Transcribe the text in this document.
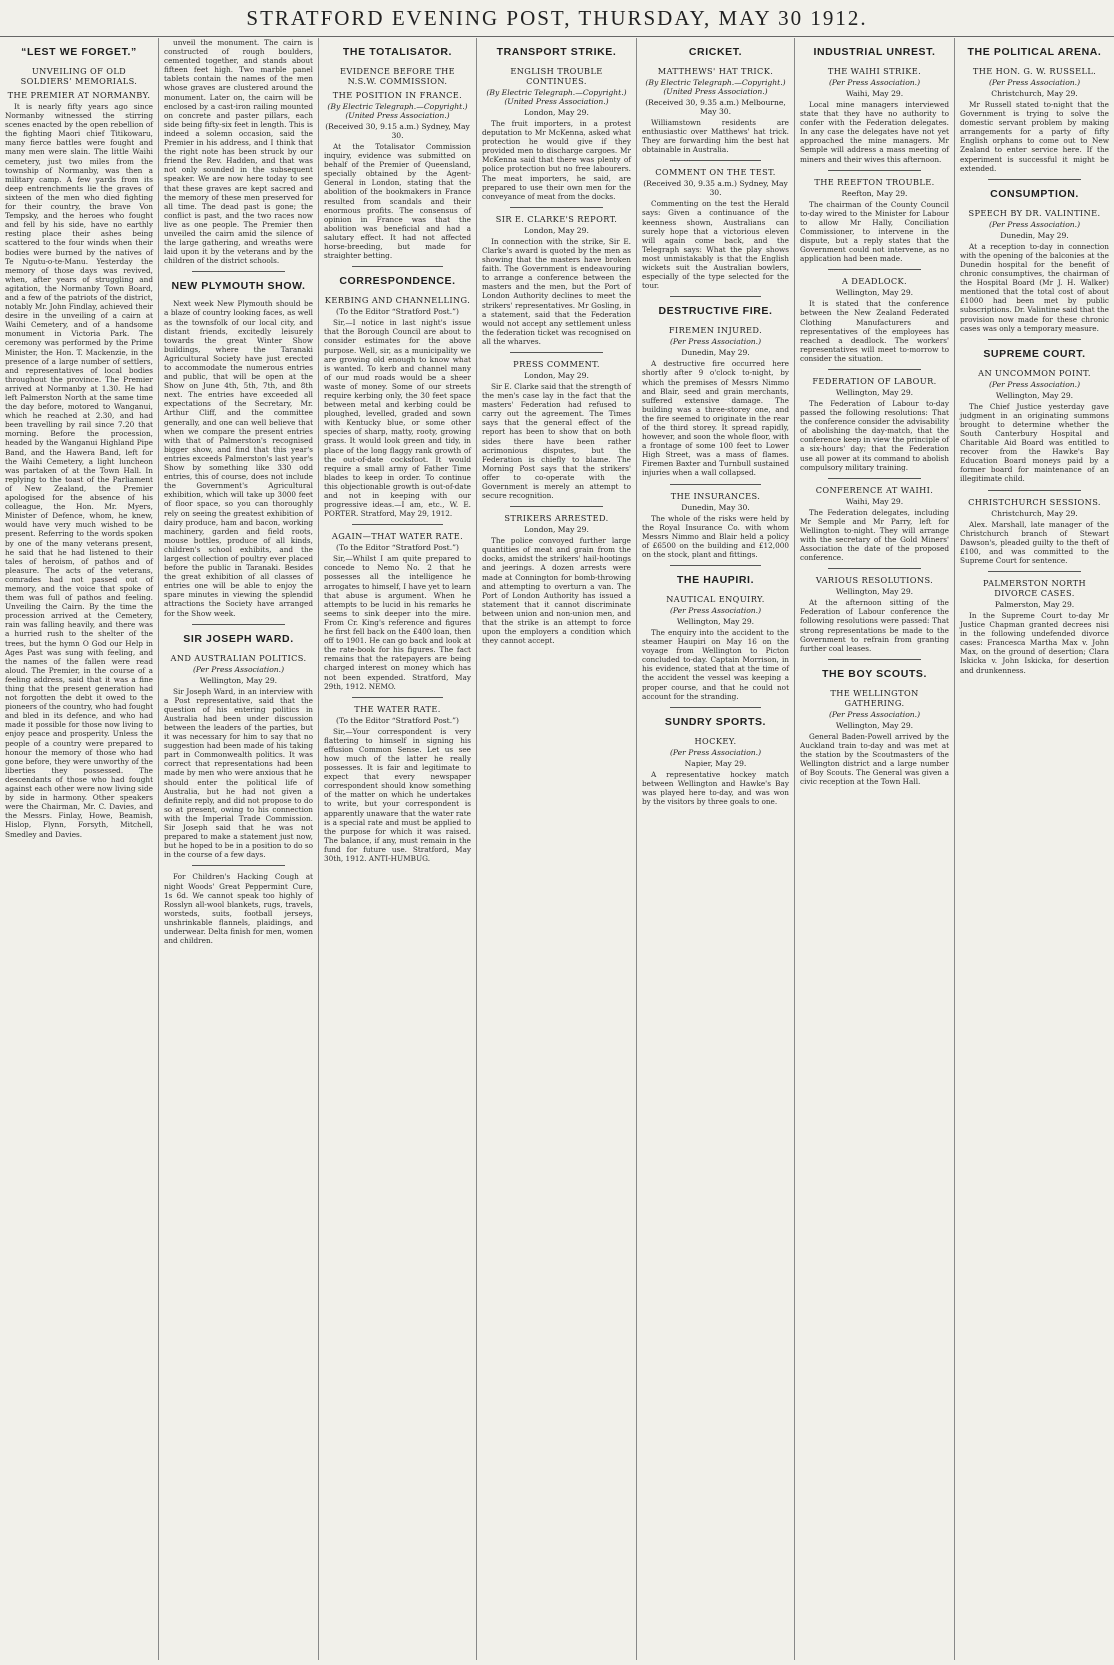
STRATFORD EVENING POST, THURSDAY, MAY 30 1912.
“LEST WE FORGET.”
UNVEILING OF OLD SOLDIERS’ MEMORIALS.
THE PREMIER AT NORMANBY.

It is nearly fifty years ago since Normanby witnessed the stirring scenes enacted by the open rebellion of the fighting Maori chief Titikowaru, many fierce battles were fought and many men were slain. The little Waihi cemetery, just two miles from the township of Normanby, was then a military camp. A few yards from its deep entrenchments lie the graves of sixteen of the men who died fighting for their country, the brave Von Tempsky, and the heroes who fought and fell by his side, have no earthly resting place their ashes being scattered to the four winds when their bodies were burned by the natives of Te Ngutu-o-te-Manu. Yesterday the memory of those days was revived, when, after years of struggling and agitation, the Normanby Town Board, and a few of the patriots of the district, notably Mr. John Findlay, achieved their desire in the unveiling of a cairn at Waihi Cemetery, and of a handsome monument in Victoria Park. The ceremony was performed by the Prime Minister, the Hon. T. Mackenzie, in the presence of a large number of settlers, and representatives of local bodies throughout the province. The Premier arrived at Normanby at 1.30. He had left Palmerston North at the same time the day before, motored to Wanganui, which he reached at 2.30, and had been travelling by rail since 7.20 that morning. Before the procession, headed by the Wanganui Highland Pipe Band, and the Hawera Band, left for the Waihi Cemetery, a light luncheon was partaken of at the Town Hall. In replying to the toast of the Parliament of New Zealand, the Premier apologised for the absence of his colleague, the Hon. Mr. Myers, Minister of Defence, whom, he knew, would have very much wished to be present. Referring to the words spoken by one of the many veterans present, he said that he had listened to their tales of heroism, of pathos and of pleasure. The acts of the veterans, comrades had not passed out of memory, and the voice that spoke of them was full of pathos and feeling. Unveiling the Cairn. By the time the procession arrived at the Cemetery, rain was falling heavily, and there was a hurried rush to the shelter of the trees, but the hymn O God our Help in Ages Past was sung with feeling, and the names of the fallen were read aloud. The Premier, in the course of a feeling address, said that it was a fine thing that the present generation had not forgotten the debt it owed to the pioneers of the country, who had fought and bled in its defence, and who had made it possible for those now living to enjoy peace and prosperity. Unless the people of a country were prepared to honour the memory of those who had gone before, they were unworthy of the liberties they possessed. The descendants of those who had fought against each other were now living side by side in harmony. Other speakers were the Chairman, Mr. C. Davies, and the Messrs. Finlay, Howe, Beamish, Hislop, Flynn, Forsyth, Mitchell, Smedley and Davies.

unveil the monument. The cairn is constructed of rough boulders, cemented together, and stands about fifteen feet high. Two marble panel tablets contain the names of the men whose graves are clustered around the monument. Later on, the cairn will be enclosed by a cast-iron railing mounted on concrete and paster pillars, each side being fifty-six feet in length. This is indeed a solemn occasion, said the Premier in his address, and I think that the right note has been struck by our friend the Rev. Hadden, and that was not only sounded in the subsequent speaker. We are now here today to see that these graves are kept sacred and the memory of these men preserved for all time. The dead past is gone; the conflict is past, and the two races now live as one people. The Premier then unveiled the cairn amid the silence of the large gathering, and wreaths were laid upon it by the veterans and by the children of the district schools.

NEW PLYMOUTH SHOW.

Next week New Plymouth should be a blaze of country looking faces, as well as the townsfolk of our local city, and distant friends, excitedly leisurely towards the great Winter Show buildings, where the Taranaki Agricultural Society have just erected to accommodate the numerous entries and public, that will be open at the Show on June 4th, 5th, 7th, and 8th next. The entries have exceeded all expectations of the Secretary, Mr. Arthur Cliff, and the committee generally, and one can well believe that when we compare the present entries with that of Palmerston's recognised bigger show, and find that this year's entries exceeds Palmerston's last year's Show by something like 330 odd entries, this of course, does not include the Government's Agricultural exhibition, which will take up 3000 feet of floor space, so you can thoroughly rely on seeing the greatest exhibition of dairy produce, ham and bacon, working machinery, garden and field roots, mouse bottles, produce of all kinds, children's school exhibits, and the largest collection of poultry ever placed before the public in Taranaki. Besides the great exhibition of all classes of entries one will be able to enjoy the spare minutes in viewing the splendid attractions the Society have arranged for the Show week.

SIR JOSEPH WARD.
AND AUSTRALIAN POLITICS.
(Per Press Association.)
Wellington, May 29.

Sir Joseph Ward, in an interview with a Post representative, said that the question of his entering politics in Australia had been under discussion between the leaders of the parties, but it was necessary for him to say that no suggestion had been made of his taking part in Commonwealth politics. It was correct that representations had been made by men who were anxious that he should enter the political life of Australia, but he had not given a definite reply, and did not propose to do so at present, owing to his connection with the Imperial Trade Commission. Sir Joseph said that he was not prepared to make a statement just now, but he hoped to be in a position to do so in the course of a few days.

For Children's Hacking Cough at night Woods' Great Peppermint Cure, 1s 6d. We cannot speak too highly of Rosslyn all-wool blankets, rugs, travels, worsteds, suits, football jerseys, unshrinkable flannels, plaidings, and underwear. Delta finish for men, women and children.

THE TOTALISATOR.
EVIDENCE BEFORE THE N.S.W. COMMISSION.
THE POSITION IN FRANCE.
(By Electric Telegraph.—Copyright.) (United Press Association.)
(Received 30, 9.15 a.m.) Sydney, May 30.

At the Totalisator Commission inquiry, evidence was submitted on behalf of the Premier of Queensland, specially obtained by the Agent-General in London, stating that the abolition of the bookmakers in France resulted from scandals and their enormous profits. The consensus of opinion in France was that the abolition was beneficial and had a salutary effect. It had not affected horse-breeding, but made for straighter betting.

CORRESPONDENCE.
KERBING AND CHANNELLING.
(To the Editor “Stratford Post.”)

Sir,—I notice in last night's issue that the Borough Council are about to consider estimates for the above purpose. Well, sir, as a municipality we are growing old enough to know what is wanted. To kerb and channel many of our mud roads would be a sheer waste of money. Some of our streets require kerbing only, the 30 feet space between metal and kerbing could be ploughed, levelled, graded and sown with Kentucky blue, or some other species of sharp, matty, rooty, growing grass. It would look green and tidy, in place of the long flaggy rank growth of the out-of-date cocksfoot. It would require a small army of Father Time blades to keep in order. To continue this objectionable growth is out-of-date and not in keeping with our progressive ideas.—I am, etc., W. E. PORTER. Stratford, May 29, 1912.

AGAIN—THAT WATER RATE.
(To the Editor “Stratford Post.”)

Sir,—Whilst I am quite prepared to concede to Nemo No. 2 that he possesses all the intelligence he arrogates to himself, I have yet to learn that abuse is argument. When he attempts to be lucid in his remarks he seems to sink deeper into the mire. From Cr. King's reference and figures he first fell back on the £400 loan, then off to 1901. He can go back and look at the rate-book for his figures. The fact remains that the ratepayers are being charged interest on money which has not been expended. Stratford, May 29th, 1912. NEMO.

THE WATER RATE.
(To the Editor “Stratford Post.”)

Sir,—Your correspondent is very flattering to himself in signing his effusion Common Sense. Let us see how much of the latter he really possesses. It is fair and legitimate to expect that every newspaper correspondent should know something of the matter on which he undertakes to write, but your correspondent is apparently unaware that the water rate is a special rate and must be applied to the purpose for which it was raised. The balance, if any, must remain in the fund for future use. Stratford, May 30th, 1912. ANTI-HUMBUG.

TRANSPORT STRIKE.
ENGLISH TROUBLE CONTINUES.
(By Electric Telegraph.—Copyright.) (United Press Association.)
London, May 29.

The fruit importers, in a protest deputation to Mr McKenna, asked what protection he would give if they provided men to discharge cargoes. Mr McKenna said that there was plenty of police protection but no free labourers. The meat importers, he said, are prepared to use their own men for the conveyance of meat from the docks.

SIR E. CLARKE'S REPORT.
London, May 29.

In connection with the strike, Sir E. Clarke's award is quoted by the men as showing that the masters have broken faith. The Government is endeavouring to arrange a conference between the masters and the men, but the Port of London Authority declines to meet the strikers' representatives. Mr Gosling, in a statement, said that the Federation would not accept any settlement unless the federation ticket was recognised on all the wharves.

PRESS COMMENT.
London, May 29.

Sir E. Clarke said that the strength of the men's case lay in the fact that the masters' Federation had refused to carry out the agreement. The Times says that the general effect of the report has been to show that on both sides there have been rather acrimonious disputes, but the Federation is chiefly to blame. The Morning Post says that the strikers' offer to co-operate with the Government is merely an attempt to secure recognition.

STRIKERS ARRESTED.
London, May 29.

The police convoyed further large quantities of meat and grain from the docks, amidst the strikers' hail-hootings and jeerings. A dozen arrests were made at Connington for bomb-throwing and attempting to overturn a van. The Port of London Authority has issued a statement that it cannot discriminate between union and non-union men, and that the strike is an attempt to force upon the employers a condition which they cannot accept.

CRICKET.
MATTHEWS' HAT TRICK.
(By Electric Telegraph.—Copyright.) (United Press Association.)
(Received 30, 9.35 a.m.) Melbourne, May 30.

Williamstown residents are enthusiastic over Matthews' hat trick. They are forwarding him the best hat obtainable in Australia.

COMMENT ON THE TEST.
(Received 30, 9.35 a.m.) Sydney, May 30.

Commenting on the test the Herald says: Given a continuance of the keenness shown, Australians can surely hope that a victorious eleven will again come back, and the Telegraph says: What the play shows most unmistakably is that the English wickets suit the Australian bowlers, especially of the type selected for the tour.

DESTRUCTIVE FIRE.
FIREMEN INJURED.
(Per Press Association.)
Dunedin, May 29.

A destructive fire occurred here shortly after 9 o'clock to-night, by which the premises of Messrs Nimmo and Blair, seed and grain merchants, suffered extensive damage. The building was a three-storey one, and the fire seemed to originate in the rear of the third storey. It spread rapidly, however, and soon the whole floor, with a frontage of some 100 feet to Lower High Street, was a mass of flames. Firemen Baxter and Turnbull sustained injuries when a wall collapsed.

THE INSURANCES.
Dunedin, May 30.

The whole of the risks were held by the Royal Insurance Co. with whom Messrs Nimmo and Blair held a policy of £6500 on the building and £12,000 on the stock, plant and fittings.

THE HAUPIRI.
NAUTICAL ENQUIRY.
(Per Press Association.)
Wellington, May 29.

The enquiry into the accident to the steamer Haupiri on May 16 on the voyage from Wellington to Picton concluded to-day. Captain Morrison, in his evidence, stated that at the time of the accident the vessel was keeping a proper course, and that he could not account for the stranding.

SUNDRY SPORTS.
HOCKEY.
(Per Press Association.)
Napier, May 29.

A representative hockey match between Wellington and Hawke's Bay was played here to-day, and was won by the visitors by three goals to one.

INDUSTRIAL UNREST.
THE WAIHI STRIKE.
(Per Press Association.)
Waihi, May 29.

Local mine managers interviewed state that they have no authority to confer with the Federation delegates. In any case the delegates have not yet approached the mine managers. Mr Semple will address a mass meeting of miners and their wives this afternoon.

THE REEFTON TROUBLE.
Reefton, May 29.

The chairman of the County Council to-day wired to the Minister for Labour to allow Mr Hally, Conciliation Commissioner, to intervene in the dispute, but a reply states that the Government could not intervene, as no application had been made.

A DEADLOCK.
Wellington, May 29.

It is stated that the conference between the New Zealand Federated Clothing Manufacturers and representatives of the employees has reached a deadlock. The workers' representatives will meet to-morrow to consider the situation.

FEDERATION OF LABOUR.
Wellington, May 29.

The Federation of Labour to-day passed the following resolutions: That the conference consider the advisability of abolishing the day-match, that the conference keep in view the principle of a six-hours' day; that the Federation use all power at its command to abolish compulsory military training.

CONFERENCE AT WAIHI.
Waihi, May 29.

The Federation delegates, including Mr Semple and Mr Parry, left for Wellington to-night. They will arrange with the secretary of the Gold Miners' Association the date of the proposed conference.

VARIOUS RESOLUTIONS.
Wellington, May 29.

At the afternoon sitting of the Federation of Labour conference the following resolutions were passed: That strong representations be made to the Government to refrain from granting further coal leases.

THE BOY SCOUTS.
THE WELLINGTON GATHERING.
(Per Press Association.)
Wellington, May 29.

General Baden-Powell arrived by the Auckland train to-day and was met at the station by the Scoutmasters of the Wellington district and a large number of Boy Scouts. The General was given a civic reception at the Town Hall.

THE POLITICAL ARENA.
THE HON. G. W. RUSSELL.
(Per Press Association.)
Christchurch, May 29.

Mr Russell stated to-night that the Government is trying to solve the domestic servant problem by making arrangements for a party of fifty English orphans to come out to New Zealand to enter service here. If the experiment is successful it might be extended.

CONSUMPTION.
SPEECH BY DR. VALINTINE.
(Per Press Association.)
Dunedin, May 29.

At a reception to-day in connection with the opening of the balconies at the Dunedin hospital for the benefit of chronic consumptives, the chairman of the Hospital Board (Mr J. H. Walker) mentioned that the total cost of about £1000 had been met by public subscriptions. Dr. Valintine said that the provision now made for these chronic cases was only a temporary measure.

SUPREME COURT.
AN UNCOMMON POINT.
(Per Press Association.)
Wellington, May 29.

The Chief Justice yesterday gave judgment in an originating summons brought to determine whether the South Canterbury Hospital and Charitable Aid Board was entitled to recover from the Hawke's Bay Education Board moneys paid by a former board for maintenance of an illegitimate child.

CHRISTCHURCH SESSIONS.
Christchurch, May 29.

Alex. Marshall, late manager of the Christchurch branch of Stewart Dawson's, pleaded guilty to the theft of £100, and was committed to the Supreme Court for sentence.

PALMERSTON NORTH DIVORCE CASES.
Palmerston, May 29.

In the Supreme Court to-day Mr Justice Chapman granted decrees nisi in the following undefended divorce cases: Francesca Martha Max v. John Max, on the ground of desertion; Clara Iskicka v. John Iskicka, for desertion and drunkenness.
